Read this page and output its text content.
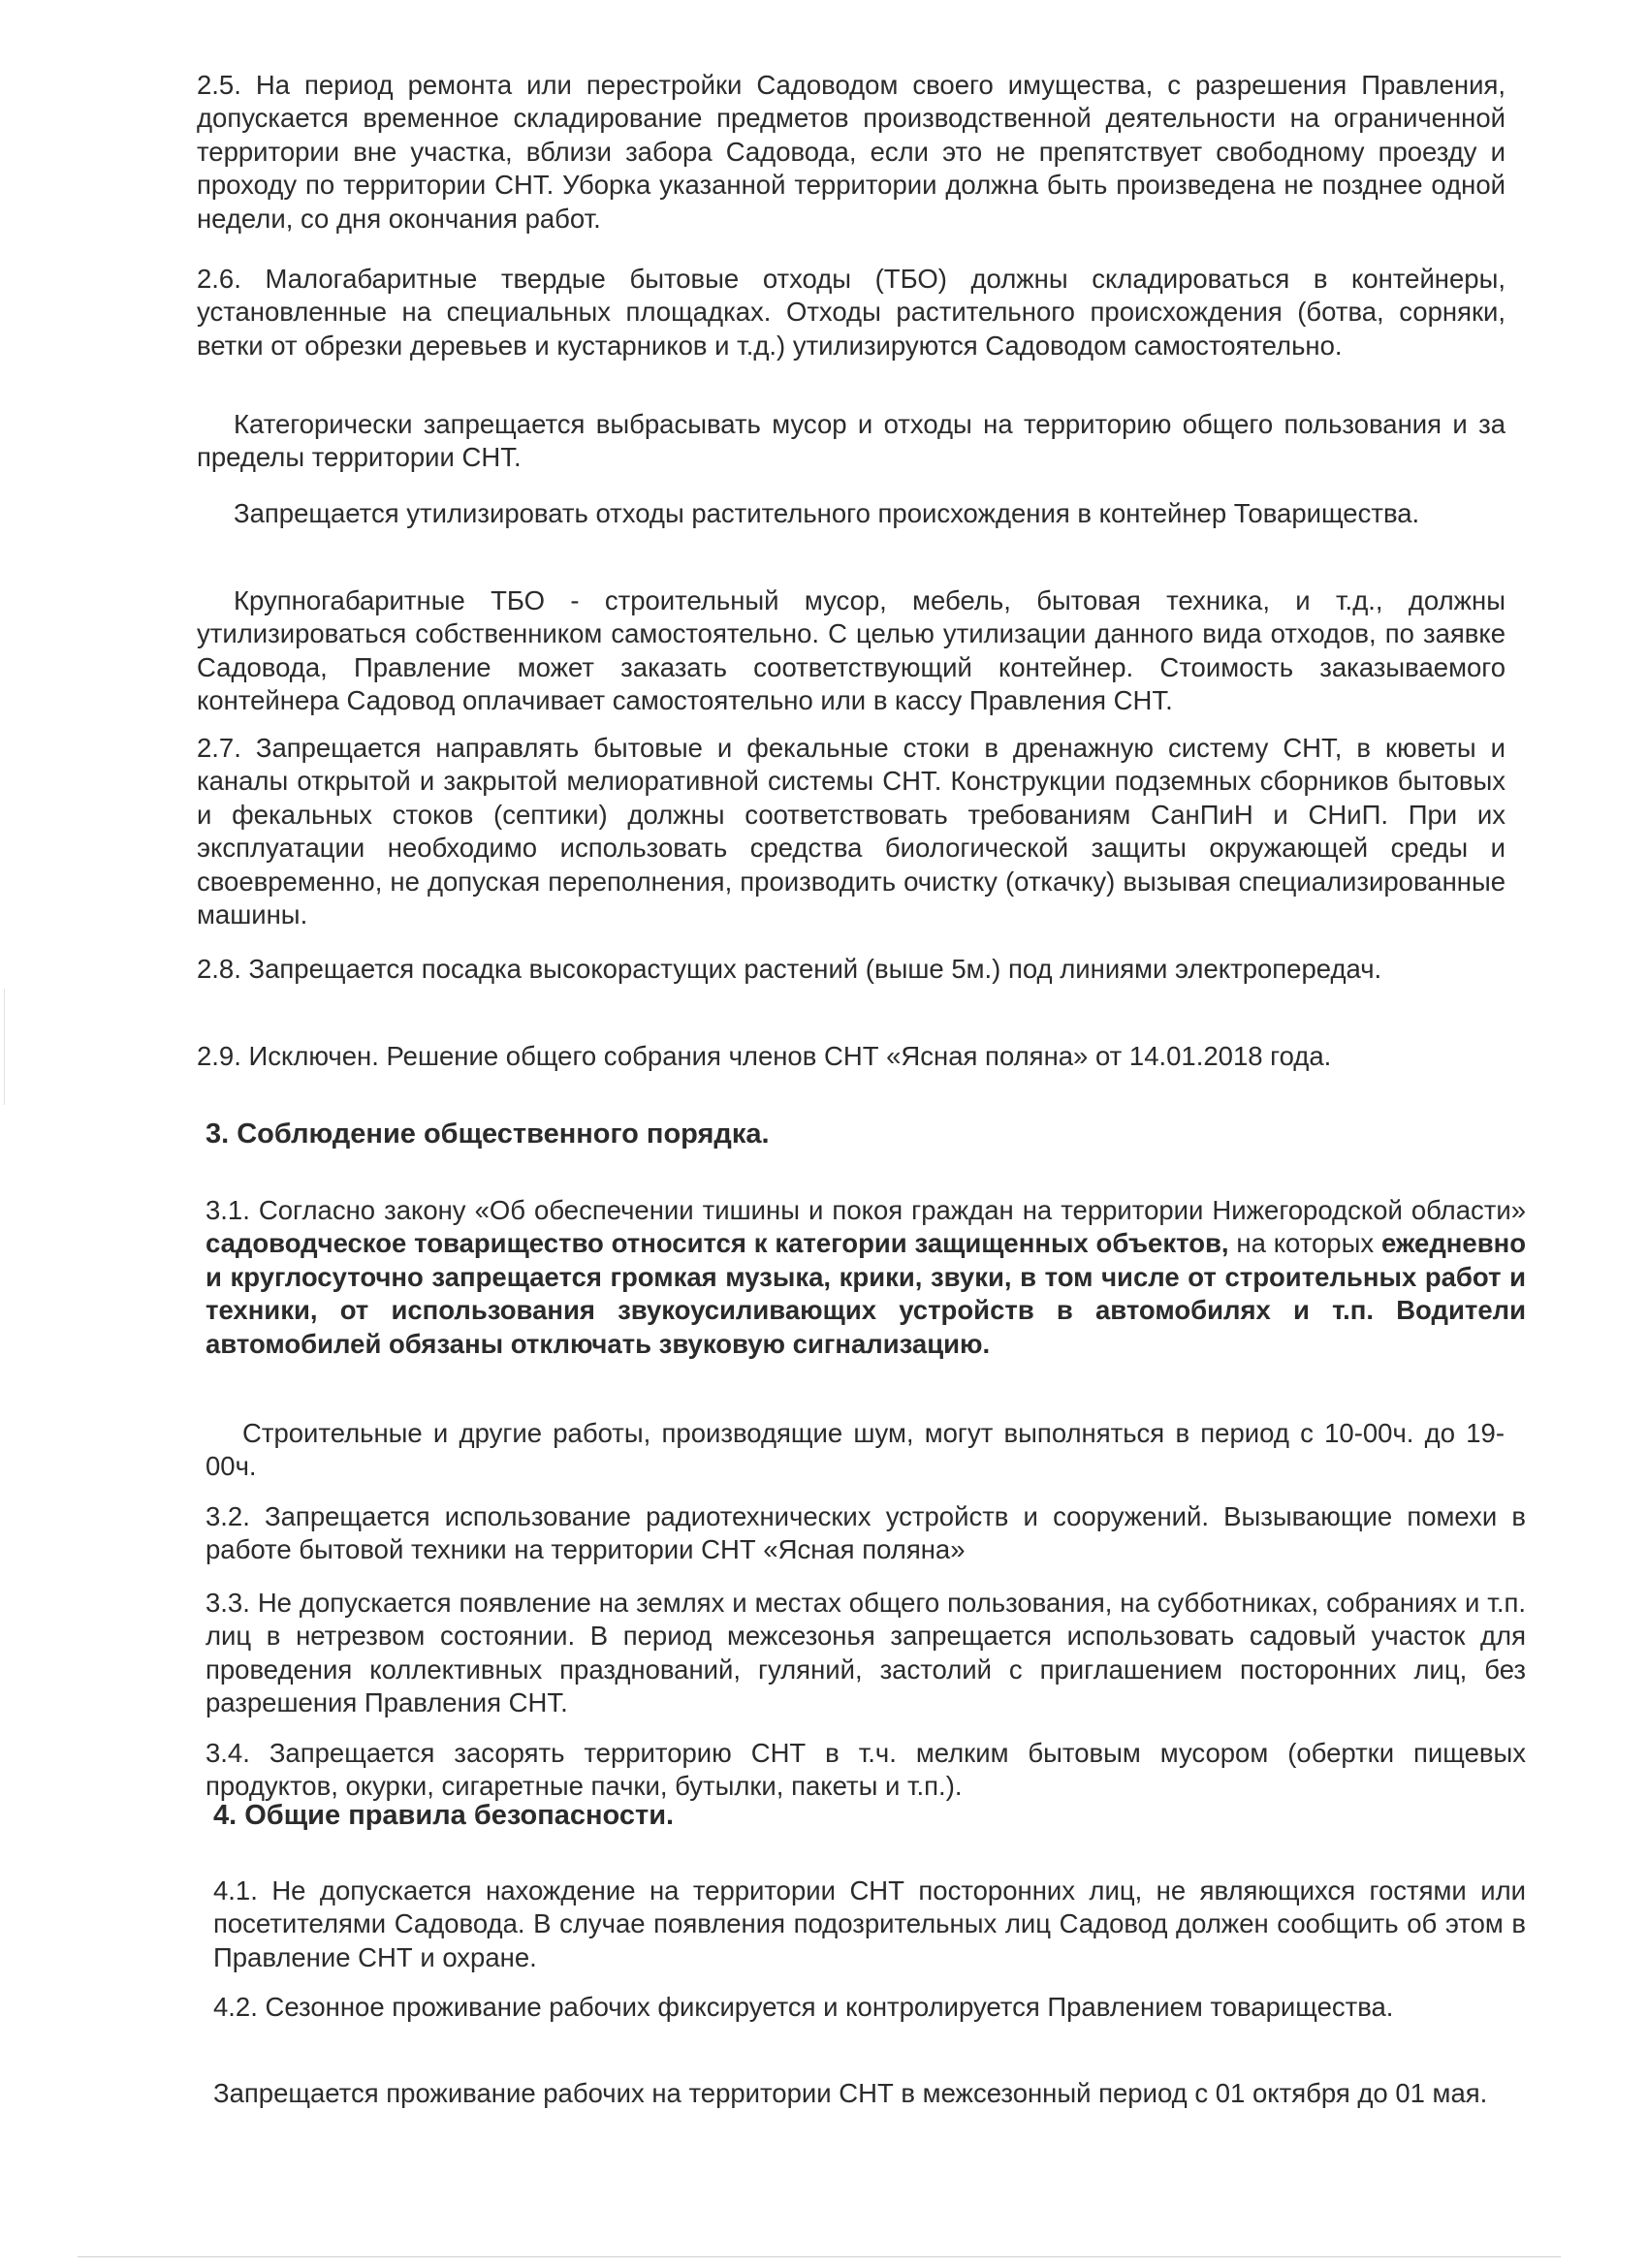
2.5. На период ремонта или перестройки Садоводом своего имущества, с разрешения Правления, допускается временное складирование предметов производственной деятельности на ограниченной территории вне участка, вблизи забора Садовода, если это не препятствует свободному проезду и проходу по территории СНТ. Уборка указанной территории должна быть произведена не позднее одной недели, со дня окончания работ.

2.6. Малогабаритные твердые бытовые отходы (ТБО) должны складироваться в контейнеры, установленные на специальных площадках. Отходы растительного происхождения (ботва, сорняки, ветки от обрезки деревьев и кустарников и т.д.) утилизируются Садоводом самостоятельно.

Категорически запрещается выбрасывать мусор и отходы на территорию общего пользования и за пределы территории СНТ.

Запрещается утилизировать отходы растительного происхождения в контейнер Товарищества.

Крупногабаритные ТБО - строительный мусор, мебель, бытовая техника, и т.д., должны утилизироваться собственником самостоятельно. С целью утилизации данного вида отходов, по заявке Садовода, Правление может заказать соответствующий контейнер. Стоимость заказываемого контейнера Садовод оплачивает самостоятельно или в кассу Правления СНТ.

2.7. Запрещается направлять бытовые и фекальные стоки в дренажную систему СНТ, в кюветы и каналы открытой и закрытой мелиоративной системы СНТ. Конструкции подземных сборников бытовых и фекальных стоков (септики) должны соответствовать требованиям СанПиН и СНиП. При их эксплуатации необходимо использовать средства биологической защиты окружающей среды и своевременно, не допуская переполнения, производить очистку (откачку) вызывая специализированные машины.

2.8. Запрещается посадка высокорастущих растений (выше 5м.) под линиями электропередач.

2.9. Исключен. Решение общего собрания членов СНТ «Ясная поляна» от 14.01.2018 года.

3. Соблюдение общественного порядка.

3.1. Согласно закону «Об обеспечении тишины и покоя граждан на территории Нижегородской области» садоводческое товарищество относится к категории защищенных объектов, на которых ежедневно и круглосуточно запрещается громкая музыка, крики, звуки, в том числе от строительных работ и техники, от использования звукоусиливающих устройств в автомобилях и т.п. Водители автомобилей обязаны отключать звуковую сигнализацию.

Строительные и другие работы, производящие шум, могут выполняться в период с 10-00ч. до 19-00ч.

3.2. Запрещается использование радиотехнических устройств и сооружений. Вызывающие помехи в работе бытовой техники на территории СНТ «Ясная поляна»

3.3. Не допускается появление на землях и местах общего пользования, на субботниках, собраниях и т.п. лиц в нетрезвом состоянии. В период межсезонья запрещается использовать садовый участок для проведения коллективных празднований, гуляний, застолий с приглашением посторонних лиц, без разрешения Правления СНТ.

3.4. Запрещается засорять территорию СНТ в т.ч. мелким бытовым мусором (обертки пищевых продуктов, окурки, сигаретные пачки, бутылки, пакеты и т.п.).

4. Общие правила безопасности.

4.1. Не допускается нахождение на территории СНТ посторонних лиц, не являющихся гостями или посетителями Садовода. В случае появления подозрительных лиц Садовод должен сообщить об этом в Правление СНТ и охране.

4.2. Сезонное проживание рабочих фиксируется и контролируется Правлением товарищества.

Запрещается проживание рабочих на территории СНТ в межсезонный период с 01 октября до 01 мая.
